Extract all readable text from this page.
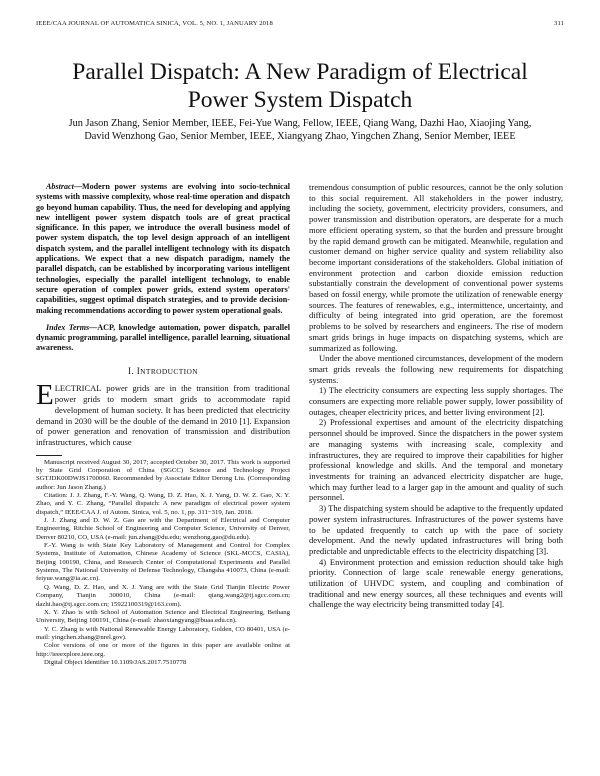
IEEE/CAA JOURNAL OF AUTOMATICA SINICA, VOL. 5, NO. 1, JANUARY 2018	311
Parallel Dispatch: A New Paradigm of Electrical
Power System Dispatch
Jun Jason Zhang, Senior Member, IEEE, Fei-Yue Wang, Fellow, IEEE, Qiang Wang, Dazhi Hao, Xiaojing Yang,
David Wenzhong Gao, Senior Member, IEEE, Xiangyang Zhao, Yingchen Zhang, Senior Member, IEEE

Abstract—Modern power systems are evolving into socio-technical systems with massive complexity, whose real-time operation and dispatch go beyond human capability. Thus, the need for developing and applying new intelligent power system dispatch tools are of great practical significance. In this paper, we introduce the overall business model of power system dispatch, the top level design approach of an intelligent dispatch system, and the parallel intelligent technology with its dispatch applications. We expect that a new dispatch paradigm, namely the parallel dispatch, can be established by incorporating various intelligent technologies, especially the parallel intelligent technology, to enable secure operation of complex power grids, extend system operators' capabilities, suggest optimal dispatch strategies, and to provide decision-making recommendations according to power system operational goals.

Index Terms—ACP, knowledge automation, power dispatch, parallel dynamic programming, parallel intelligence, parallel learning, situational awareness.

I. INTRODUCTION

ELECTRICAL power grids are in the transition from traditional power grids to modern smart grids to accommodate rapid development of human society. It has been predicted that electricity demand in 2030 will be the double of the demand in 2010 [1]. Expansion of power generation and renovation of transmission and distribution infrastructures, which cause

Manuscript received August 30, 2017; accepted October 30, 2017. This work is supported by State Grid Corporation of China (SGCC) Science and Technology Project SGTJDK00DWJS1700060. Recommended by Associate Editor Derong Liu. (Corresponding author: Jun Jason Zhang.)

Citation: J. J. Zhang, F.-Y. Wang, Q. Wang, D. Z. Hao, X. J. Yang, D. W. Z. Gao, X. Y. Zhao, and Y. C. Zhang, “Parallel dispatch: A new paradigm of electrical power system dispatch,” IEEE/CAA J. of Autom. Sinica, vol. 5, no. 1, pp. 311−319, Jan. 2018.

J. J. Zhang and D. W. Z. Gao are with the Department of Electrical and Computer Engineering, Ritchie School of Engineering and Computer Science, University of Denver, Denver 80210, CO, USA (e-mail: jun.zhang@du.edu; wenzhong.gao@du.edu).

F.-Y. Wang is with State Key Laboratory of Management and Control for Complex Systems, Institute of Automation, Chinese Academy of Science (SKL-MCCS, CASIA), Beijing 100190, China, and Research Center of Computational Experiments and Parallel Systems, The National University of Defense Technology, Changsha 410073, China (e-mail: feiyue.wang@ia.ac.cn).

Q. Wang, D. Z. Hao, and X. J. Yang are with the State Grid Tianjin Electric Power Company, Tianjin 300010, China (e-mail: qiang.wang2@tj.sgcc.com.cn; dazhi.hao@tj.sgcc.com.cn; 15922100319@163.com).

X. Y. Zhao is with School of Automation Science and Electrical Engineering, Beihang University, Beijing 100191, China (e-mail: zhaoxiangyang@buaa.edu.cn).

Y. C. Zhang is with National Renewable Energy Laboratory, Golden, CO 80401, USA (e-mail: yingchen.zhang@nrel.gov).

Color versions of one or more of the figures in this paper are available online at http://ieeexplore.ieee.org.

Digital Object Identifier 10.1109/JAS.2017.7510778

tremendous consumption of public resources, cannot be the only solution to this social requirement. All stakeholders in the power industry, including the society, government, electricity providers, consumers, and power transmission and distribution operators, are desperate for a much more efficient operating system, so that the burden and pressure brought by the rapid demand growth can be mitigated. Meanwhile, regulation and customer demand on higher service quality and system reliability also become important considerations of the stakeholders. Global initiation of environment protection and carbon dioxide emission reduction substantially constrain the development of conventional power systems based on fossil energy, while promote the utilization of renewable energy sources. The features of renewables, e.g., intermittence, uncertainty, and difficulty of being integrated into grid operation, are the foremost problems to be solved by researchers and engineers. The rise of modern smart grids brings in huge impacts on dispatching systems, which are summarized as following.

Under the above mentioned circumstances, development of the modern smart grids reveals the following new requirements for dispatching systems.

1) The electricity consumers are expecting less supply shortages. The consumers are expecting more reliable power supply, lower possibility of outages, cheaper electricity prices, and better living environment [2].

2) Professional expertises and amount of the electricity dispatching personnel should be improved. Since the dispatchers in the power system are managing systems with increasing scale, complexity and infrastructures, they are required to improve their capabilities for higher professional knowledge and skills. And the temporal and monetary investments for training an advanced electricity dispatcher are huge, which may further lead to a larger gap in the amount and quality of such personnel.

3) The dispatching system should be adaptive to the frequently updated power system infrastructures. Infrastructures of the power systems have to be updated frequently to catch up with the pace of society development. And the newly updated infrastructures will bring both predictable and unpredictable effects to the electricity dispatching [3].

4) Environment protection and emission reduction should take high priority. Connection of large scale renewable energy generations, utilization of UHVDC system, and coupling and combination of traditional and new energy sources, all these techniques and events will challenge the way electricity being transmitted today [4].
